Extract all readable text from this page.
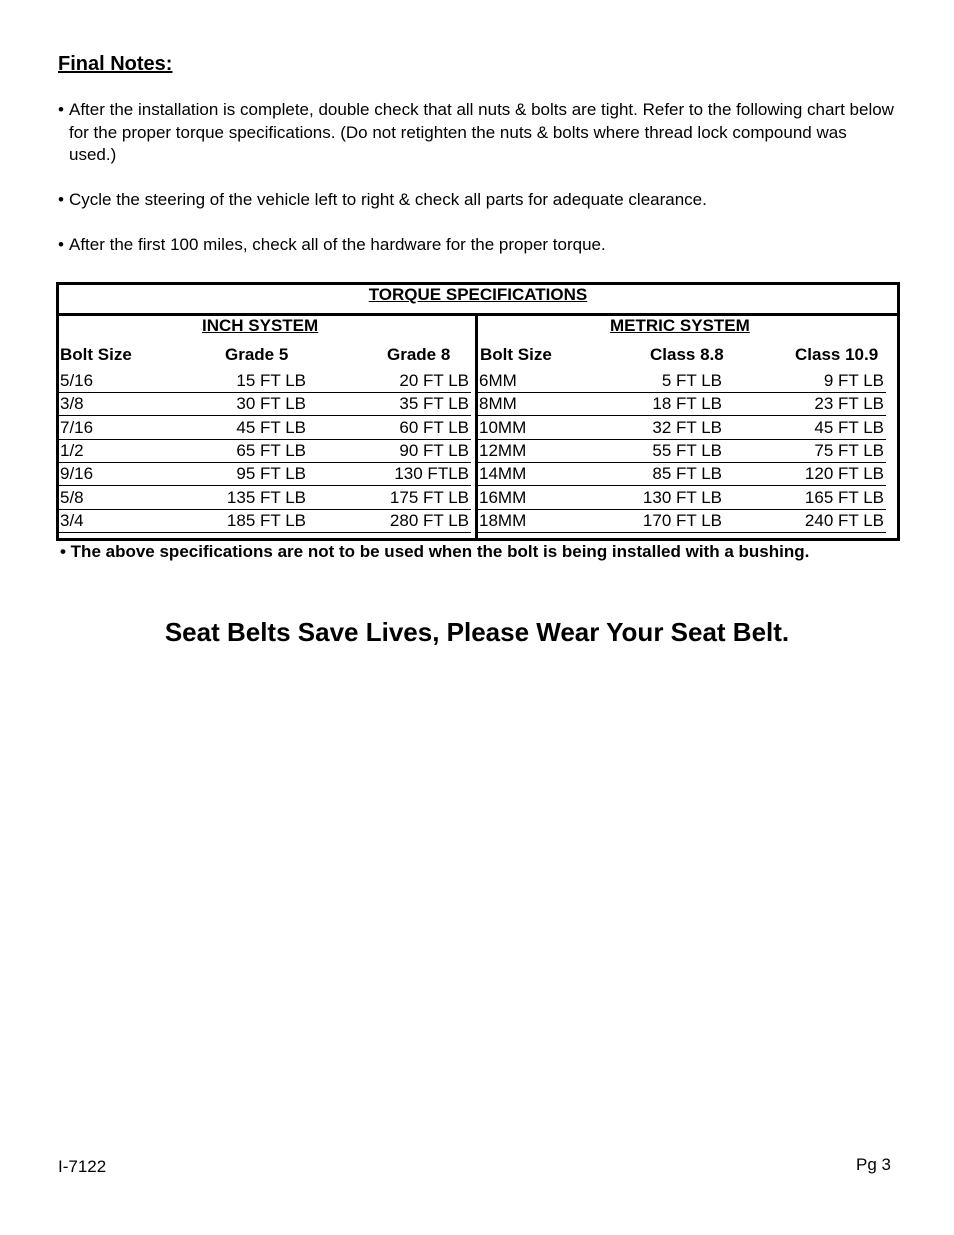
Final Notes:
• After the installation is complete, double check that all nuts & bolts are tight. Refer to the following chart below for the proper torque specifications. (Do not retighten the nuts & bolts where thread lock compound was used.)
• Cycle the steering of the vehicle left to right & check all parts for adequate clearance.
• After the first 100 miles, check all of the hardware for the proper torque.
TORQUE SPECIFICATIONS
INCH SYSTEM	METRIC SYSTEM
Bolt Size	Grade 5	Grade 8 Bolt Size	Class 8.8	Class 10.9
5/16	15 FT LB	20 FT LB
3/8	30 FT LB	35 FT LB
7/16	45 FT LB	60 FT LB
1/2	65 FT LB	90 FT LB
9/16	95 FT LB	130 FTLB
5/8	135 FT LB	175 FT LB
3/4	185 FT LB	280 FT LB
6MM	5 FT LB	9 FT LB
8MM	18 FT LB	23 FT LB
10MM	32 FT LB	45 FT LB
12MM	55 FT LB	75 FT LB
14MM	85 FT LB	120 FT LB
16MM	130 FT LB	165 FT LB
18MM	170 FT LB	240 FT LB
• The above specifications are not to be used when the bolt is being installed with a bushing.
Seat Belts Save Lives, Please Wear Your Seat Belt.
I-7122	Pg 3
